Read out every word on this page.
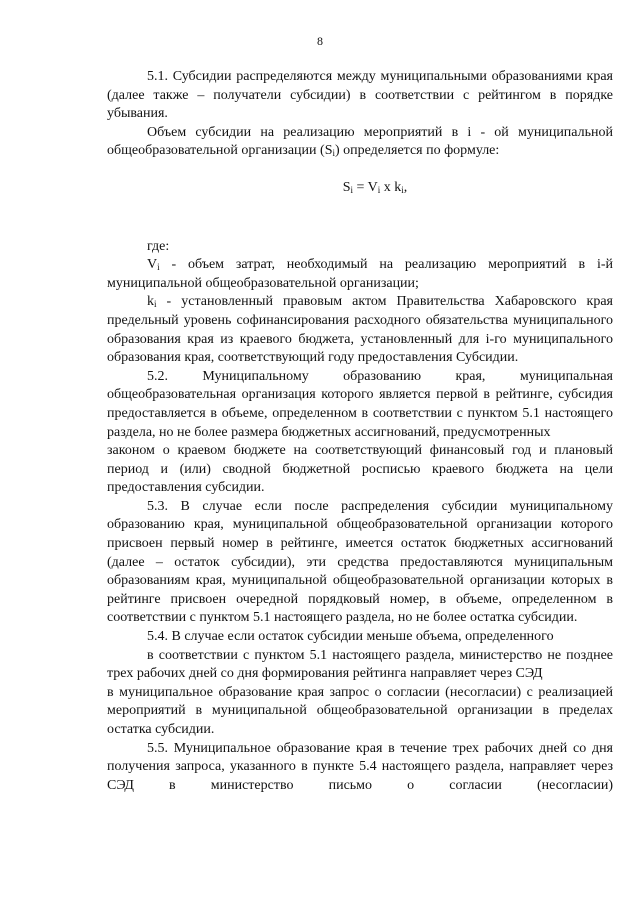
8

5.1. Субсидии распределяются между муниципальными образованиями края (далее также – получатели субсидии) в соответствии с рейтингом в порядке убывания.

Объем субсидии на реализацию мероприятий в i - ой муниципальной общеобразовательной организации $(S_i)$ определяется по формуле:

$S_i = V_i$ x $k_i$,

где:

$V_i$ - объем затрат, необходимый на реализацию мероприятий в i-й муниципальной общеобразовательной организации;

$k_i$ - установленный правовым актом Правительства Хабаровского края предельный уровень софинансирования расходного обязательства муниципального образования края из краевого бюджета, установленный для i-го муниципального образования края, соответствующий году предоставления Субсидии.

5.2. Муниципальному образованию края, муниципальная общеобразовательная организация которого является первой в рейтинге, субсидия предоставляется в объеме, определенном в соответствии с пунктом 5.1 настоящего раздела, но не более размера бюджетных ассигнований, предусмотренных

законом о краевом бюджете на соответствующий финансовый год и плановый период и (или) сводной бюджетной росписью краевого бюджета на цели предоставления субсидии.

5.3. В случае если после распределения субсидии муниципальному образованию края, муниципальной общеобразовательной организации которого присвоен первый номер в рейтинге, имеется остаток бюджетных ассигнований (далее – остаток субсидии), эти средства предоставляются муниципальным образованиям края, муниципальной общеобразовательной организации которых в рейтинге присвоен очередной порядковый номер, в объеме, определенном в соответствии с пунктом 5.1 настоящего раздела, но не более остатка субсидии.

5.4. В случае если остаток субсидии меньше объема, определенного

в соответствии с пунктом 5.1 настоящего раздела, министерство не позднее трех рабочих дней со дня формирования рейтинга направляет через СЭД

в муниципальное образование края запрос о согласии (несогласии) с реализацией мероприятий в муниципальной общеобразовательной организации в пределах остатка субсидии.

5.5. Муниципальное образование края в течение трех рабочих дней со дня получения запроса, указанного в пункте 5.4 настоящего раздела, направляет через СЭД в министерство письмо о согласии (несогласии)
